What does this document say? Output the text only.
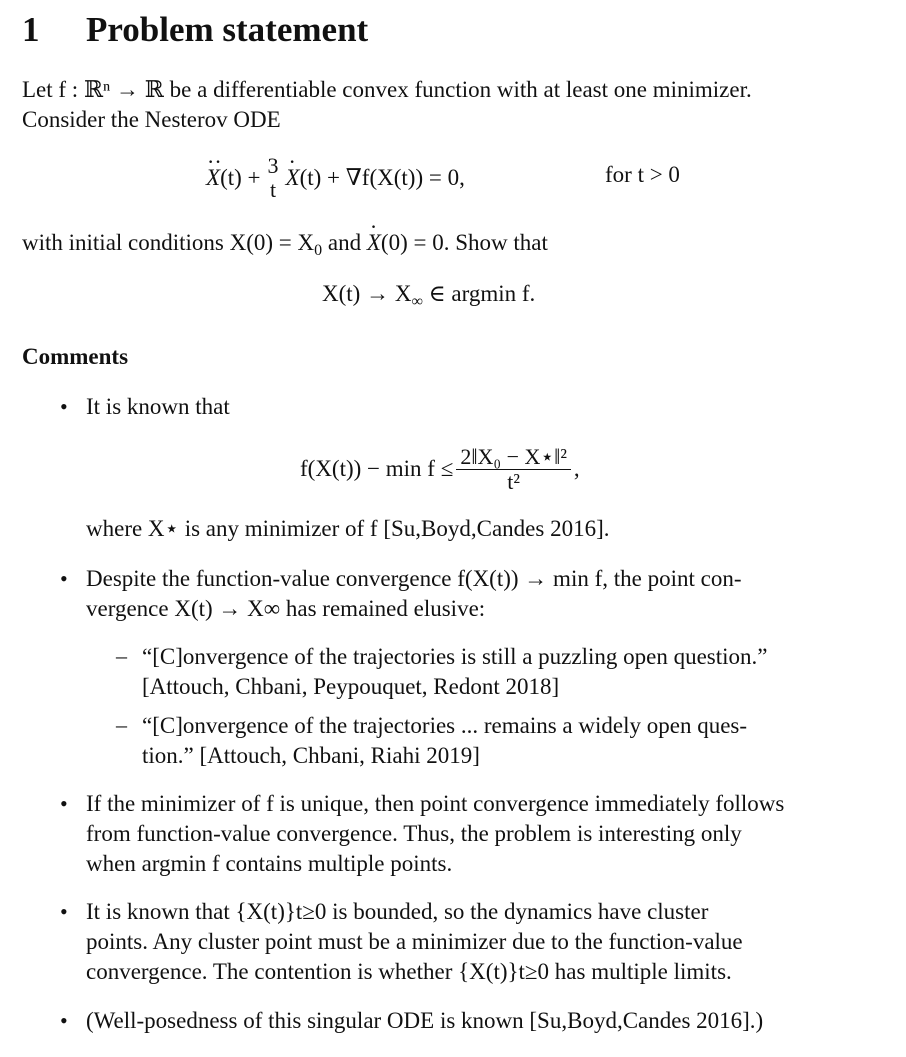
1 Problem statement
Let f : ℝⁿ → ℝ be a differentiable convex function with at least one minimizer.
Consider the Nesterov ODE
X ·· (t) + 3
t X · (t) + ∇f(X(t)) = 0,	for t > 0
with initial conditions $X(0) = X_0$ and X ·(0) = 0. Show that
$X(t) \to X_\infty$ ∈ argmin f.
Comments
• It is known that
$f(X(t)) - \min f \le \frac{\text{2‖X₀ − X⋆‖²}}{\text{t²}}$ ,
where X⋆ is any minimizer of f [Su,Boyd,Candes 2016].
• Despite the function-value convergence f(X(t)) → min f, the point con-
vergence X(t) → X∞ has remained elusive:
– “[C]onvergence of the trajectories is still a puzzling open question.”
[Attouch, Chbani, Peypouquet, Redont 2018]
– “[C]onvergence of the trajectories ... remains a widely open ques-
tion.” [Attouch, Chbani, Riahi 2019]
• If the minimizer of f is unique, then point convergence immediately follows
from function-value convergence. Thus, the problem is interesting only
when argmin f contains multiple points.
• It is known that {X(t)}t≥0 is bounded, so the dynamics have cluster
points. Any cluster point must be a minimizer due to the function-value
convergence. The contention is whether {X(t)}t≥0 has multiple limits.
• (Well-posedness of this singular ODE is known [Su,Boyd,Candes 2016].)
